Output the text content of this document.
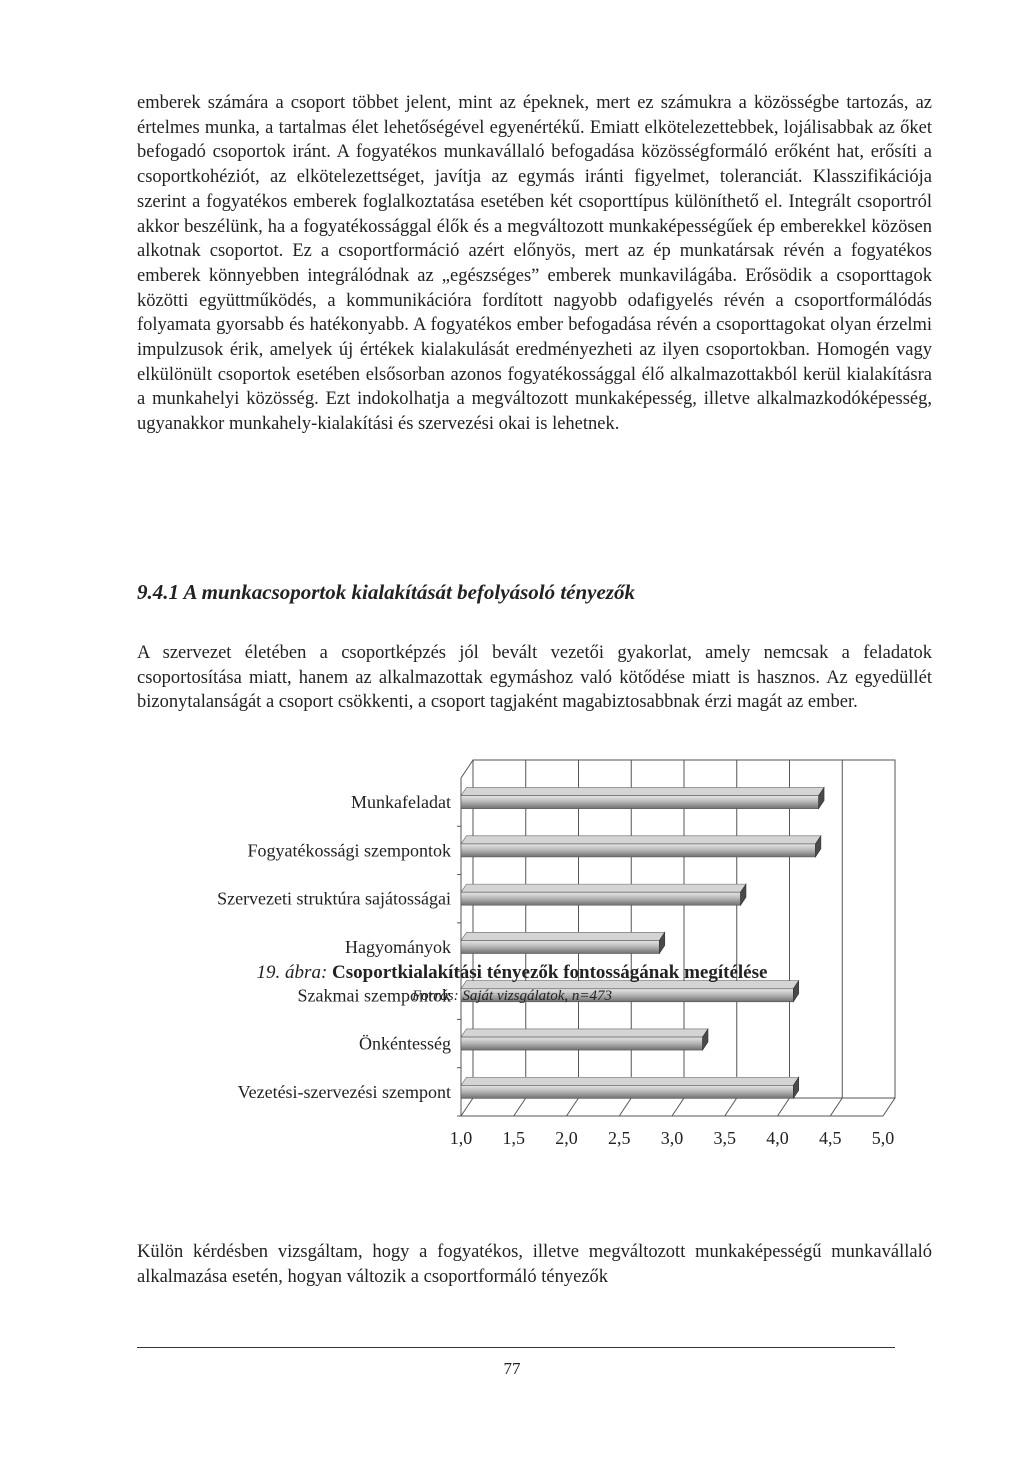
emberek számára a csoport többet jelent, mint az épeknek, mert ez számukra a közösségbe tartozás, az értelmes munka, a tartalmas élet lehetőségével egyenértékű. Emiatt elkötelezettebbek, lojálisabbak az őket befogadó csoportok iránt. A fogyatékos munkavállaló befogadása közösségformáló erőként hat, erősíti a csoportkohéziót, az elkötelezettséget, javítja az egymás iránti figyelmet, toleranciát. Klasszifikációja szerint a fogyatékos emberek foglalkoztatása esetében két csoporttípus különíthető el. Integrált csoportról akkor beszélünk, ha a fogyatékossággal élők és a megváltozott munkaképességűek ép emberekkel közösen alkotnak csoportot. Ez a csoportformáció azért előnyös, mert az ép munkatársak révén a fogyatékos emberek könnyebben integrálódnak az „egészséges” emberek munkavilágába. Erősödik a csoporttagok közötti együttműködés, a kommunikációra fordított nagyobb odafigyelés révén a csoportformálódás folyamata gyorsabb és hatékonyabb. A fogyatékos ember befogadása révén a csoporttagokat olyan érzelmi impulzusok érik, amelyek új értékek kialakulását eredményezheti az ilyen csoportokban. Homogén vagy elkülönült csoportok esetében elsősorban azonos fogyatékossággal élő alkalmazottakból kerül kialakításra a munkahelyi közösség. Ezt indokolhatja a megváltozott munkaképesség, illetve alkalmazkodóképesség, ugyanakkor munkahely-kialakítási és szervezési okai is lehetnek.

9.4.1 A munkacsoportok kialakítását befolyásoló tényezők

A szervezet életében a csoportképzés jól bevált vezetői gyakorlat, amely nemcsak a feladatok csoportosítása miatt, hanem az alkalmazottak egymáshoz való kötődése miatt is hasznos. Az egyedüllét bizonytalanságát a csoport csökkenti, a csoport tagjaként magabiztosabbnak érzi magát az ember.

Munkafeladat
Fogyatékossági szempontok
Szervezeti struktúra sajátosságai
Hagyományok
Szakmai szempontok
Önkéntesség
Vezetési-szervezési szempont
1,0 1,5 2,0 2,5 3,0 3,5 4,0 4,5 5,0

19. ábra: Csoportkialakítási tényezők fontosságának megítélése

Forrás: Saját vizsgálatok, n=473

Külön kérdésben vizsgáltam, hogy a fogyatékos, illetve megváltozott munkaképességű munkavállaló alkalmazása esetén, hogyan változik a csoportformáló tényezők

77
